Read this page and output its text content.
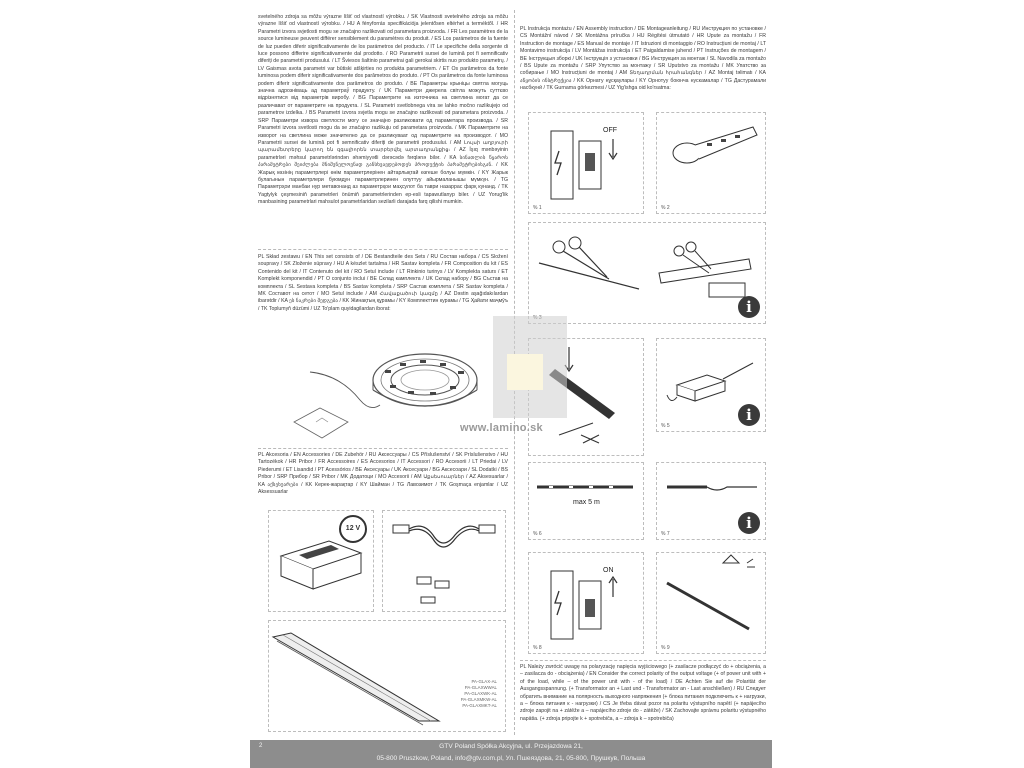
svetelného zdroja sa môžu výrazne líšiť od vlastností výrobku. / SK Vlastnosti svetelného zdroja sa môžu výrazne líšiť od vlastností výrobku. / HU A fényforrás specifikációja jelentősen eltérhet a terméktől. / HR Parametri izvora svjetlosti mogu se značajno razlikovati od parametara proizvoda. / FR Les paramètres de la source lumineuse peuvent différer sensiblement du paramètres du produit. / ES Los parámetros de la fuente de luz pueden diferir significativamente de los parámetros del producto. / IT Le specifiche della sorgente di luce possono differire significativamente dal prodotto. / RO Parametrii sursei de lumină pot fi semnificativ diferiți de parametrii produsului. / LT Šviesos šaltinio parametrai gali gerokai skirtis nuo produkto parametrų. / LV Gaismas avota parametri var būtiski atšķirties no produkta parametriem. / ET Os parâmetros da fonte luminosa podem diferir significativamente dos parâmetros do produto. / PT Os parâmetros da fonte luminosa podem diferir significativamente dos parâmetros do produto. / BE Параметры крыніцы святла могуць значна адрозніваць ад параметраў прадукту. / UK Параметри джерела світла можуть суттєво відрізнятися від параметрів виробу. / BG Параметрите на източника на светлина могат да се различават от параметрите на продукта. / SL Parametri svetlobnega vira se lahko močno razlikujejo od parametrov izdelka. / BS Parametri izvora svjetla mogu se značajno razlikovati od parametara proizvoda. / SRP Параметри извора светлости могу се значајно разликовати од параметара производа. / SR Parametri izvora svetlosti mogu da se značajno razlikuju od parametara proizvoda. / MK Параметрите на изворот на светлина може значително да се разликуваат од параметрите на производот. / MO Parametrii sursei de lumină pot fi semnificativ diferiți de parametrii produsului. / AM Լույսի աղբյուրի պարամետրերը կարող են զգալիորեն տարբերվել արտադրանքից։ / AZ İşıq mənbəyinin parametrləri məhsul parametrlərindən əhəmiyyətli dərəcədə fərqlənə bilər. / KA სინათლის წყაროს პარამეტრები შეიძლება მნიშვნელოვნად განსხვავდებოდეს პროდუქტის პარამეტრებისგან. / KK Жарық көзінің параметрлері өнім параметрлерінен айтарлықтай өзгеше болуы мүмкін. / KY Жарык булагынын параметрлери буюмдун параметрлеринен олуттуу айырмаланышы мүмкүн. / TG Параметрҳои манбаи нур метавонанд аз параметрҳои маҳсулот ба таври назаррас фарқ кунанд. / TK Yagtylyk çeşmesiniň parametrleri önümiň parametrlerinden ep-esli tapawutlanyp biler. / UZ Yorug'lik manbasining parametrlari mahsulot parametrlaridan sezilarli darajada farq qilishi mumkin.
PL Skład zestawu / EN This set consists of / DE Bestandteile des Sets / RU Состав набора / CS Složení soupravy / SK Zloženie súpravy / HU A készlet tartalma / HR Sastav kompleta / FR Composition du kit / ES Contenido del kit / IT Contenuto del kit / RO Setul include / LT Rinkinio turinys / LV Komplekta saturs / ET Komplekt komponendid / PT O conjunto inclui / BE Склад камплекта / UK Склад набору / BG Състав на комплекта / SL Sestava kompleta / BS Sastav kompleta / SRP Састав комплета / SR Sastav kompleta / MK Составот на сетот / MO Setul include / AM Հավաքածուի կազմը / AZ Dəstin aşağıdakılardan ibarətdir / KA ეს ნაკრები შედგება / KK Жинақтың құрамы / KY Комплекттин курамы / TG Ҳайати маҷмӯъ / TK Toplumyň düzümi / UZ To'plam quyidagilardan iborat:
PL Akcesoria / EN Accessories / DE Zubehör / RU Аксессуары / CS Příslušenství / SK Príslušenstvo / HU Tartozékok / HR Pribor / FR Accessoires / ES Accesorios / IT Accessori / RO Accesorii / LT Priedai / LV Piederumi / ET Lisandid / PT Acessórios / BE Аксесуары / UK Аксесуари / BG Аксесоари / SL Dodatki / BS Pribor / SRP Прибор / SR Pribor / MK Додатоци / MO Accesorii / AM Աքսեսուարներ / AZ Aksesuarlar / KA აქსესუარები / KK Керек-жарақтар / KY Шайман / TG Лавозимот / TK Goşmaça enjamlar / UZ Aksessuarlar
12 V
PA-GLAX-AL
PA-GLAXWWAL
PA-GLAXWK-AL
PA-GLAXMKW-AL
PA-GLAXMKT-AL
PL Instrukcja montażu / EN Assembly instruction / DE Montageanleitung / RU Инструкция по установке / CS Montážní návod / SK Montážna príručka / HU Régítési útmutató / HR Upute za montažu / FR Instruction de montage / ES Manual de montaje / IT Istruzioni di montaggio / RO Instrucțiuni de montaj / LT Montavimo instrukcija / LV Montāžas instrukcija / ET Paigaldamise juhend / PT Instruções de montagem / BE Інструкцыя зборкі / UK Інструкція з установки / BG Инструкция за монтаж / SL Navodila za montažo / BS Upute za montažu / SRP Упутство за монтажу / SR Uputstvo za montažu / MK Упатство за собирање / MO Instrucțiuni de montaj / AM Տեղադրման հրահանգներ / AZ Montaj təlimatı / KA აწყობის ინსტრუქცია / KK Орнату нұсқаулары / KY Орнотуу боюнча нускамалар / TG Дастурамали насбкунӣ / TK Gurnama görkezmesi / UZ Yig'ishga oid ko'rsatma:
OFF
% 1	% 2
i
i
% 5
max 5 m
% 6
i
% 7
ON
% 8	% 9
PL Należy zwrócić uwagę na polaryzację napięcia wyjściowego (+ zasilacze podłączyć do + obciążenia, a – zasilacza do - obciążenia) / EN Consider the correct polarity of the output voltage (+ of power unit with + of the load, while – of the power unit with - of the load) / DE Achten Sie auf die Polarität der Ausgangsspannung. (+ Transformator an + Last und - Transformator an - Last anschließen) / RU Следует обратить внимание на полярность выходного напряжения (+ блока питания подключить к + нагрузки, а – блока питания к - нагрузки) / CS Je třeba dávat pozor na polaritu výstupního napětí (+ napájecího zdroje zapojit na + zátěže a – napájecího zdroje do - zátěže) / SK Zachovajte správnu polaritu výstupného napätia. (+ zdroja pripojte k + spotrebiča, a – zdroja k – spotrebiča)
www.lamino.sk
2	GTV Poland Spółka Akcyjna, ul. Przejazdowa 21,
05-800 Pruszkow, Poland, info@gtv.com.pl, Ул. Пшеяздова, 21, 05-800, Прушкув, Польша
